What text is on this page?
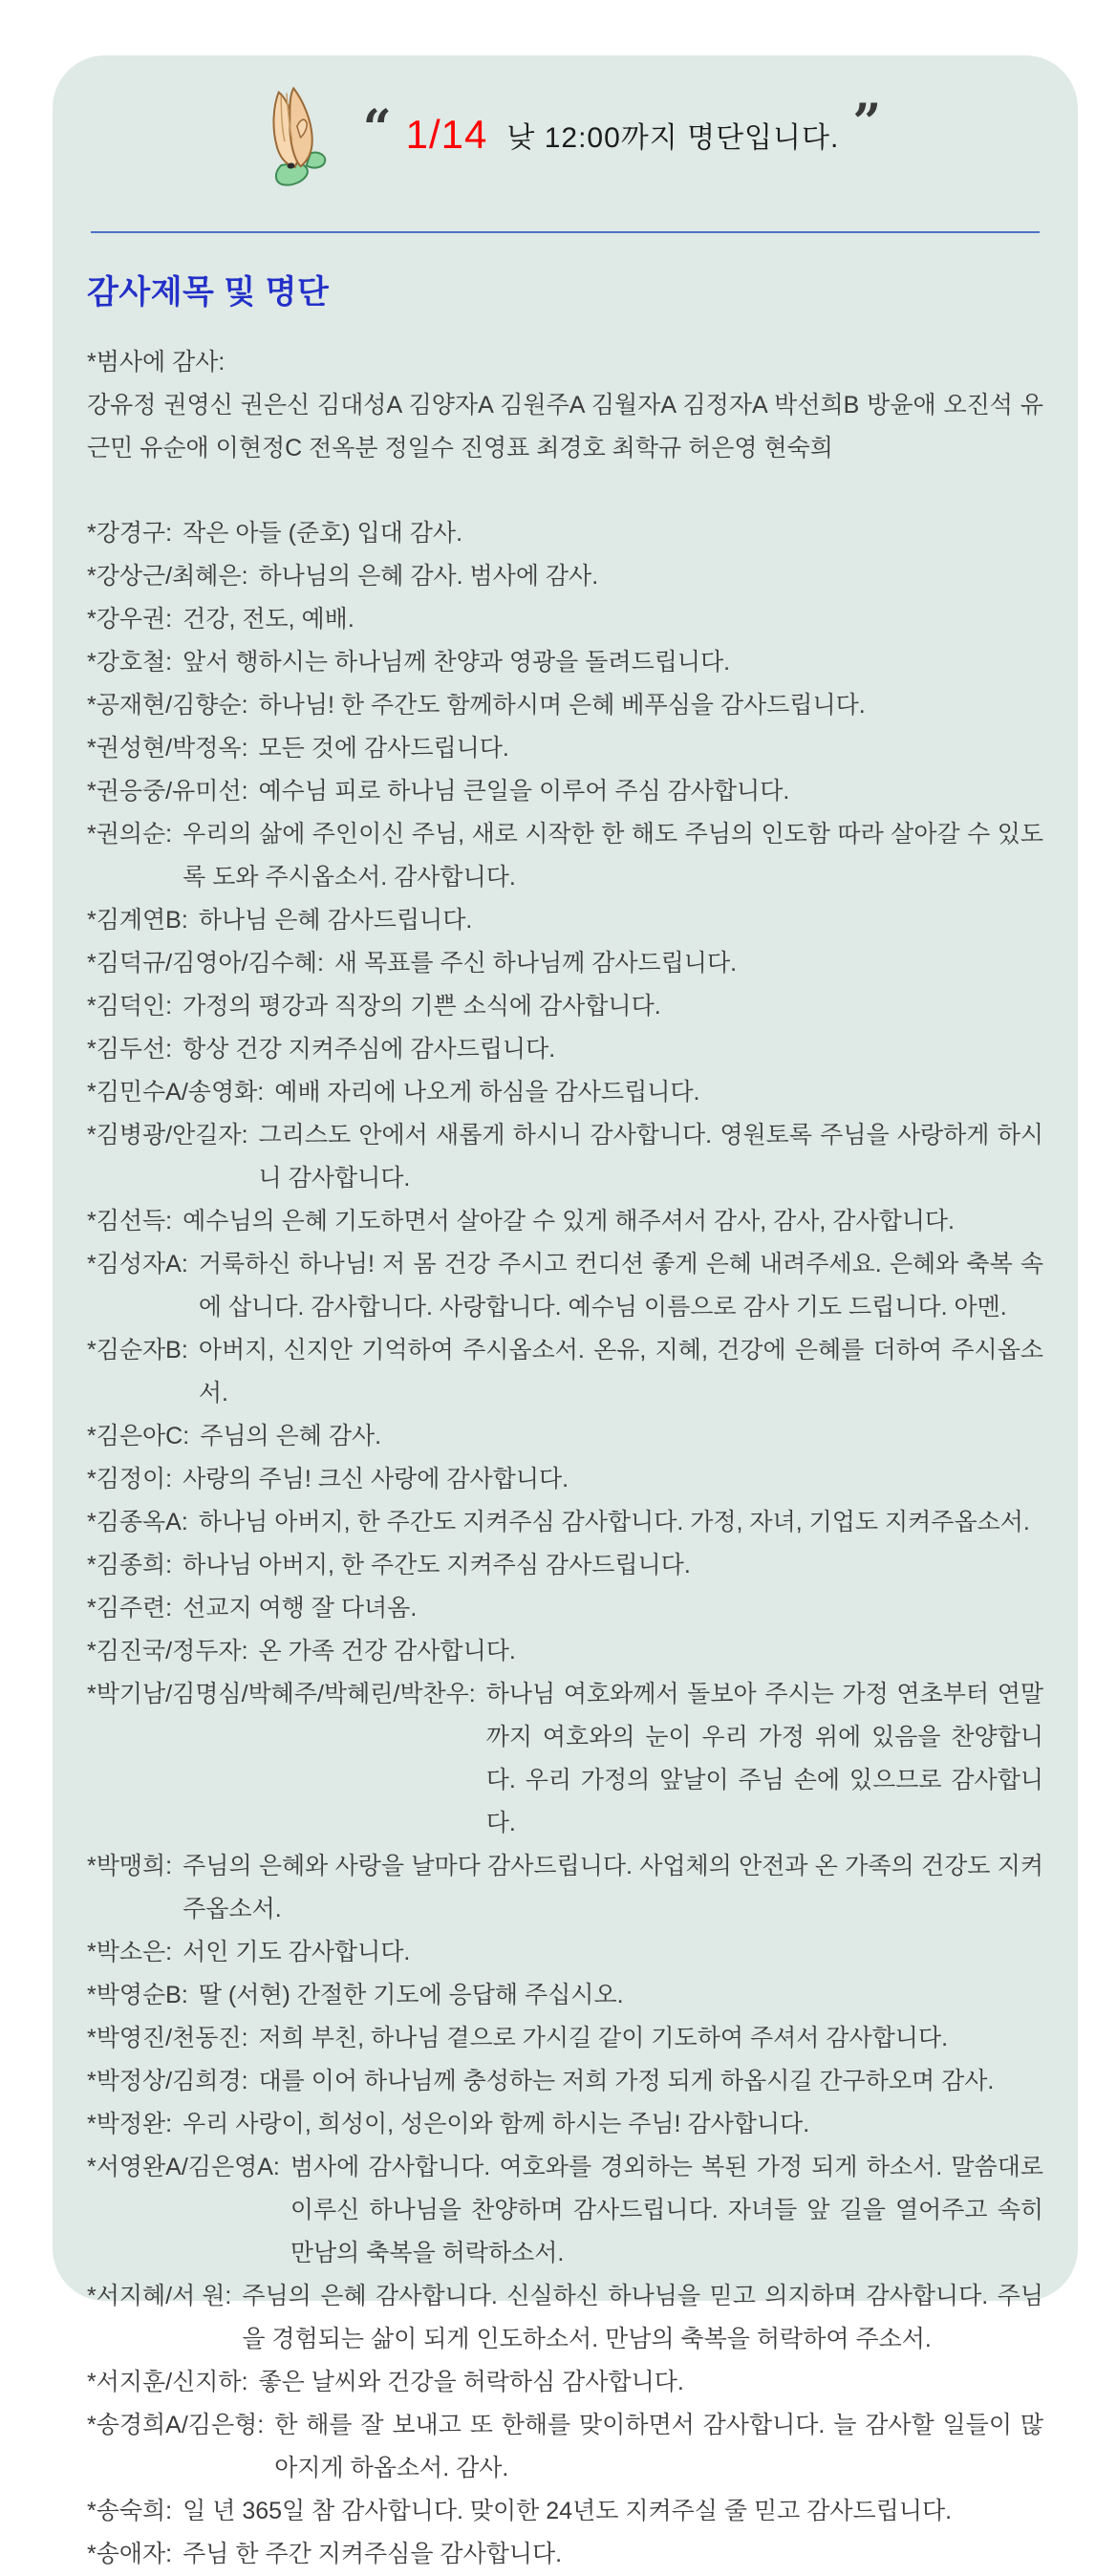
“ 1/14 낮 12:00까지 명단입니다. ”
감사제목 및 명단

*범사에 감사:

강유정 권영신 권은신 김대성A 김양자A 김원주A 김월자A 김정자A 박선희B 방윤애 오진석 유근민 유순애 이현정C 전옥분 정일수 진영표 최경호 최학규 허은영 현숙희

*강경구: 작은 아들 (준호) 입대 감사.
*강상근/최혜은: 하나님의 은혜 감사. 범사에 감사.
*강우권: 건강, 전도, 예배.
*강호철: 앞서 행하시는 하나님께 찬양과 영광을 돌려드립니다.
*공재현/김향순: 하나님! 한 주간도 함께하시며 은혜 베푸심을 감사드립니다.
*권성현/박정옥: 모든 것에 감사드립니다.
*권응중/유미선: 예수님 피로 하나님 큰일을 이루어 주심 감사합니다.
*권의순: 우리의 삶에 주인이신 주님, 새로 시작한 한 해도 주님의 인도함 따라 살아갈 수 있도록 도와 주시옵소서. 감사합니다.
*김계연B: 하나님 은혜 감사드립니다.
*김덕규/김영아/김수혜: 새 목표를 주신 하나님께 감사드립니다.
*김덕인: 가정의 평강과 직장의 기쁜 소식에 감사합니다.
*김두선: 항상 건강 지켜주심에 감사드립니다.
*김민수A/송영화: 예배 자리에 나오게 하심을 감사드립니다.
*김병광/안길자: 그리스도 안에서 새롭게 하시니 감사합니다. 영원토록 주님을 사랑하게 하시니 감사합니다.
*김선득: 예수님의 은혜 기도하면서 살아갈 수 있게 해주셔서 감사, 감사, 감사합니다.
*김성자A: 거룩하신 하나님! 저 몸 건강 주시고 컨디션 좋게 은혜 내려주세요. 은혜와 축복 속에 삽니다. 감사합니다. 사랑합니다. 예수님 이름으로 감사 기도 드립니다. 아멘.
*김순자B: 아버지, 신지안 기억하여 주시옵소서. 온유, 지혜, 건강에 은혜를 더하여 주시옵소서.
*김은아C: 주님의 은혜 감사.
*김정이: 사랑의 주님! 크신 사랑에 감사합니다.
*김종옥A: 하나님 아버지, 한 주간도 지켜주심 감사합니다. 가정, 자녀, 기업도 지켜주옵소서.
*김종희: 하나님 아버지, 한 주간도 지켜주심 감사드립니다.
*김주련: 선교지 여행 잘 다녀옴.
*김진국/정두자: 온 가족 건강 감사합니다.
*박기남/김명심/박혜주/박혜린/박찬우: 하나님 여호와께서 돌보아 주시는 가정 연초부터 연말까지 여호와의 눈이 우리 가정 위에 있음을 찬양합니다. 우리 가정의 앞날이 주님 손에 있으므로 감사합니다.
*박맹희: 주님의 은혜와 사랑을 날마다 감사드립니다. 사업체의 안전과 온 가족의 건강도 지켜주옵소서.
*박소은: 서인 기도 감사합니다.
*박영순B: 딸 (서현) 간절한 기도에 응답해 주십시오.
*박영진/천동진: 저희 부친, 하나님 곁으로 가시길 같이 기도하여 주셔서 감사합니다.
*박정상/김희경: 대를 이어 하나님께 충성하는 저희 가정 되게 하옵시길 간구하오며 감사.
*박정완: 우리 사랑이, 희성이, 성은이와 함께 하시는 주님! 감사합니다.
*서영완A/김은영A: 범사에 감사합니다. 여호와를 경외하는 복된 가정 되게 하소서. 말씀대로 이루신 하나님을 찬양하며 감사드립니다. 자녀들 앞 길을 열어주고 속히 만남의 축복을 허락하소서.
*서지혜/서 원: 주님의 은혜 감사합니다. 신실하신 하나님을 믿고 의지하며 감사합니다. 주님을 경험되는 삶이 되게 인도하소서. 만남의 축복을 허락하여 주소서.
*서지훈/신지하: 좋은 날씨와 건강을 허락하심 감사합니다.
*송경희A/김은형: 한 해를 잘 보내고 또 한해를 맞이하면서 감사합니다. 늘 감사할 일들이 많아지게 하옵소서. 감사.
*송숙희: 일 년 365일 참 감사합니다. 맞이한 24년도 지켜주실 줄 믿고 감사드립니다.
*송애자: 주님 한 주간 지켜주심을 감사합니다.
